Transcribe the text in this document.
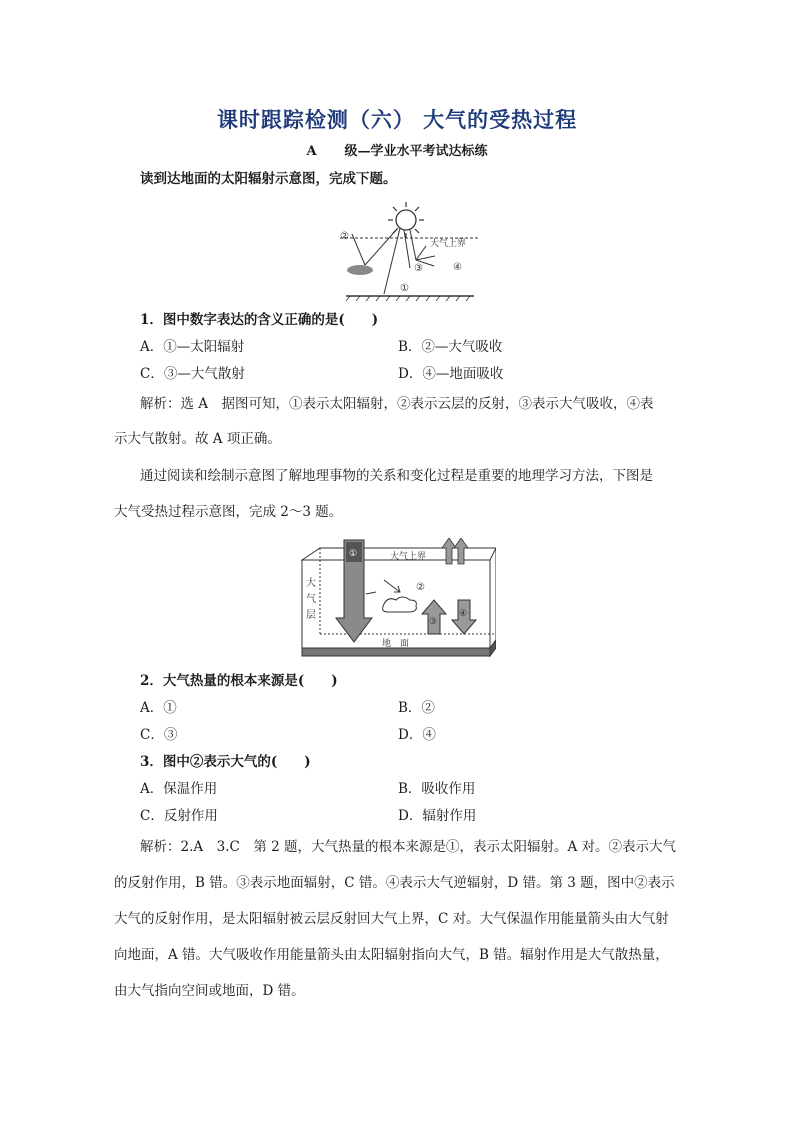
课时跟踪检测（六） 大气的受热过程
A 级—学业水平考试达标练
读到达地面的太阳辐射示意图，完成下题。
大气上界
①
②
③	④
1．图中数字表达的含义正确的是(　　)
A．①—太阳辐射	B．②—大气吸收
C．③—大气散射	D．④—地面吸收
解析：选 A　据图可知，①表示太阳辐射，②表示云层的反射，③表示大气吸收，④表
示大气散射。故 A 项正确。
通过阅读和绘制示意图了解地理事物的关系和变化过程是重要的地理学习方法，下图是
大气受热过程示意图，完成 2～3 题。
地　面
大气上界
大
气
层
①
②
③
④
2．大气热量的根本来源是(　　)
A．①	B．②
C．③	D．④
3．图中②表示大气的(　　)
A．保温作用	B．吸收作用
C．反射作用	D．辐射作用
解析：2.A　3.C　第 2 题，大气热量的根本来源是①，表示太阳辐射。A 对。②表示大气
的反射作用，B 错。③表示地面辐射，C 错。④表示大气逆辐射，D 错。第 3 题，图中②表示
大气的反射作用，是太阳辐射被云层反射回大气上界，C 对。大气保温作用能量箭头由大气射
向地面，A 错。大气吸收作用能量箭头由太阳辐射指向大气，B 错。辐射作用是大气散热量，
由大气指向空间或地面，D 错。
